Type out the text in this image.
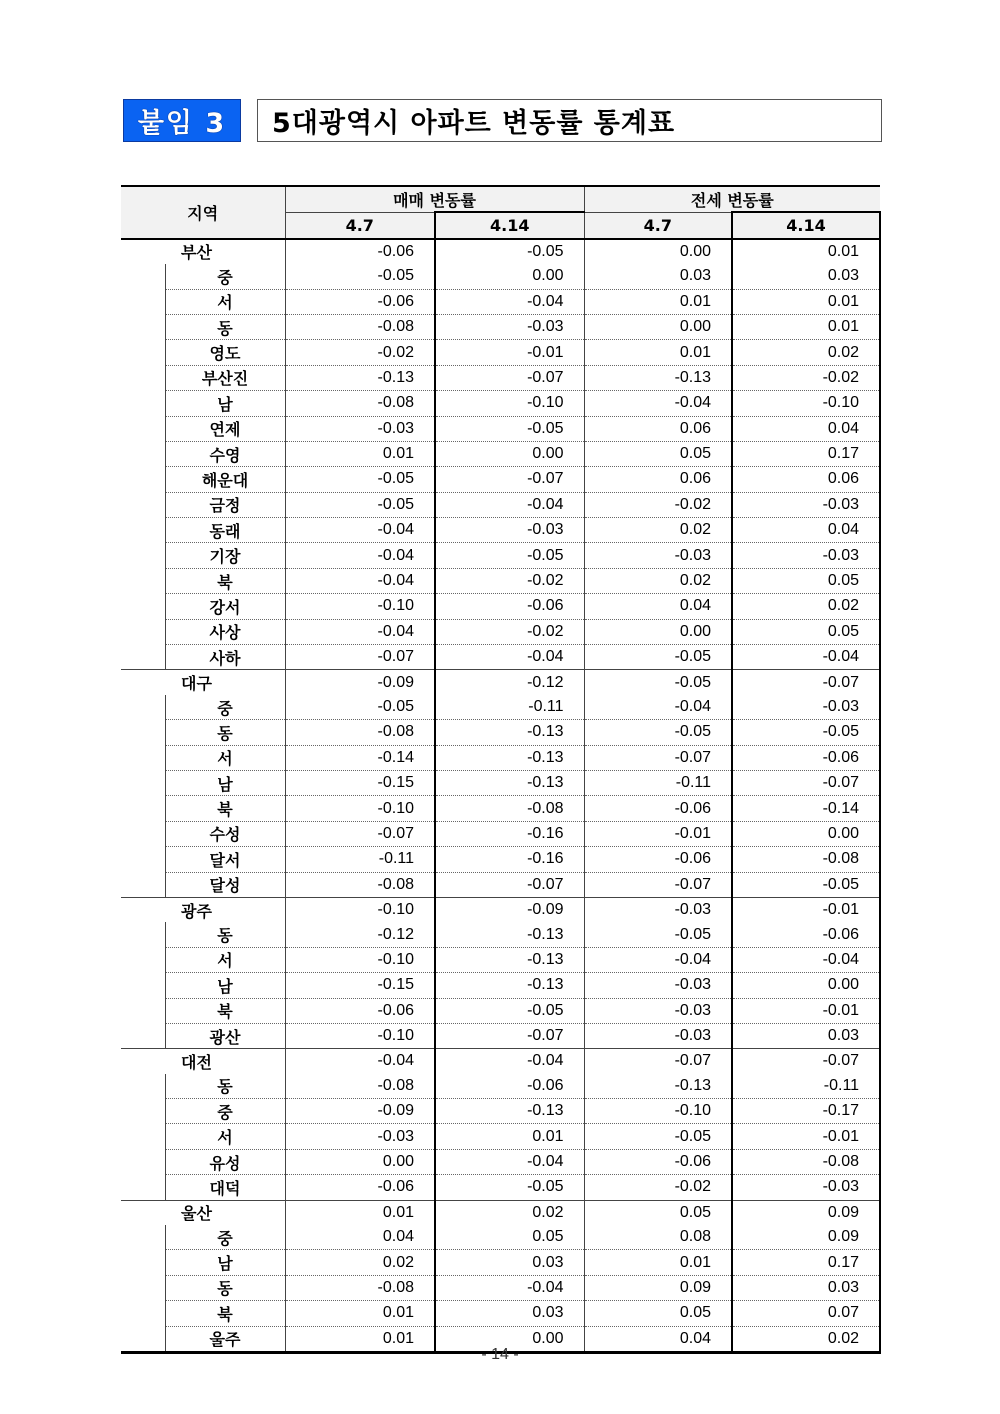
붙임 3	5대광역시 아파트 변동률 통계표
지역		매매 변동률		전세 변동률	
		4.7	4.14	4.7	4.14
부산		-0.06	-0.05	0.00	0.01
	중	-0.05	0.00	0.03	0.03
	서	-0.06	-0.04	0.01	0.01
	동	-0.08	-0.03	0.00	0.01
	영도	-0.02	-0.01	0.01	0.02
	부산진	-0.13	-0.07	-0.13	-0.02
	남	-0.08	-0.10	-0.04	-0.10
	연제	-0.03	-0.05	0.06	0.04
	수영	0.01	0.00	0.05	0.17
	해운대	-0.05	-0.07	0.06	0.06
	금정	-0.05	-0.04	-0.02	-0.03
	동래	-0.04	-0.03	0.02	0.04
	기장	-0.04	-0.05	-0.03	-0.03
	북	-0.04	-0.02	0.02	0.05
	강서	-0.10	-0.06	0.04	0.02
	사상	-0.04	-0.02	0.00	0.05
	사하	-0.07	-0.04	-0.05	-0.04
대구		-0.09	-0.12	-0.05	-0.07
	중	-0.05	-0.11	-0.04	-0.03
	동	-0.08	-0.13	-0.05	-0.05
	서	-0.14	-0.13	-0.07	-0.06
	남	-0.15	-0.13	-0.11	-0.07
	북	-0.10	-0.08	-0.06	-0.14
	수성	-0.07	-0.16	-0.01	0.00
	달서	-0.11	-0.16	-0.06	-0.08
	달성	-0.08	-0.07	-0.07	-0.05
광주		-0.10	-0.09	-0.03	-0.01
	동	-0.12	-0.13	-0.05	-0.06
	서	-0.10	-0.13	-0.04	-0.04
	남	-0.15	-0.13	-0.03	0.00
	북	-0.06	-0.05	-0.03	-0.01
	광산	-0.10	-0.07	-0.03	0.03
대전		-0.04	-0.04	-0.07	-0.07
	동	-0.08	-0.06	-0.13	-0.11
	중	-0.09	-0.13	-0.10	-0.17
	서	-0.03	0.01	-0.05	-0.01
	유성	0.00	-0.04	-0.06	-0.08
	대덕	-0.06	-0.05	-0.02	-0.03
울산		0.01	0.02	0.05	0.09
	중	0.04	0.05	0.08	0.09
	남	0.02	0.03	0.01	0.17
	동	-0.08	-0.04	0.09	0.03
	북	0.01	0.03	0.05	0.07
	울주	0.01	0.00	0.04	0.02
- 14 -
